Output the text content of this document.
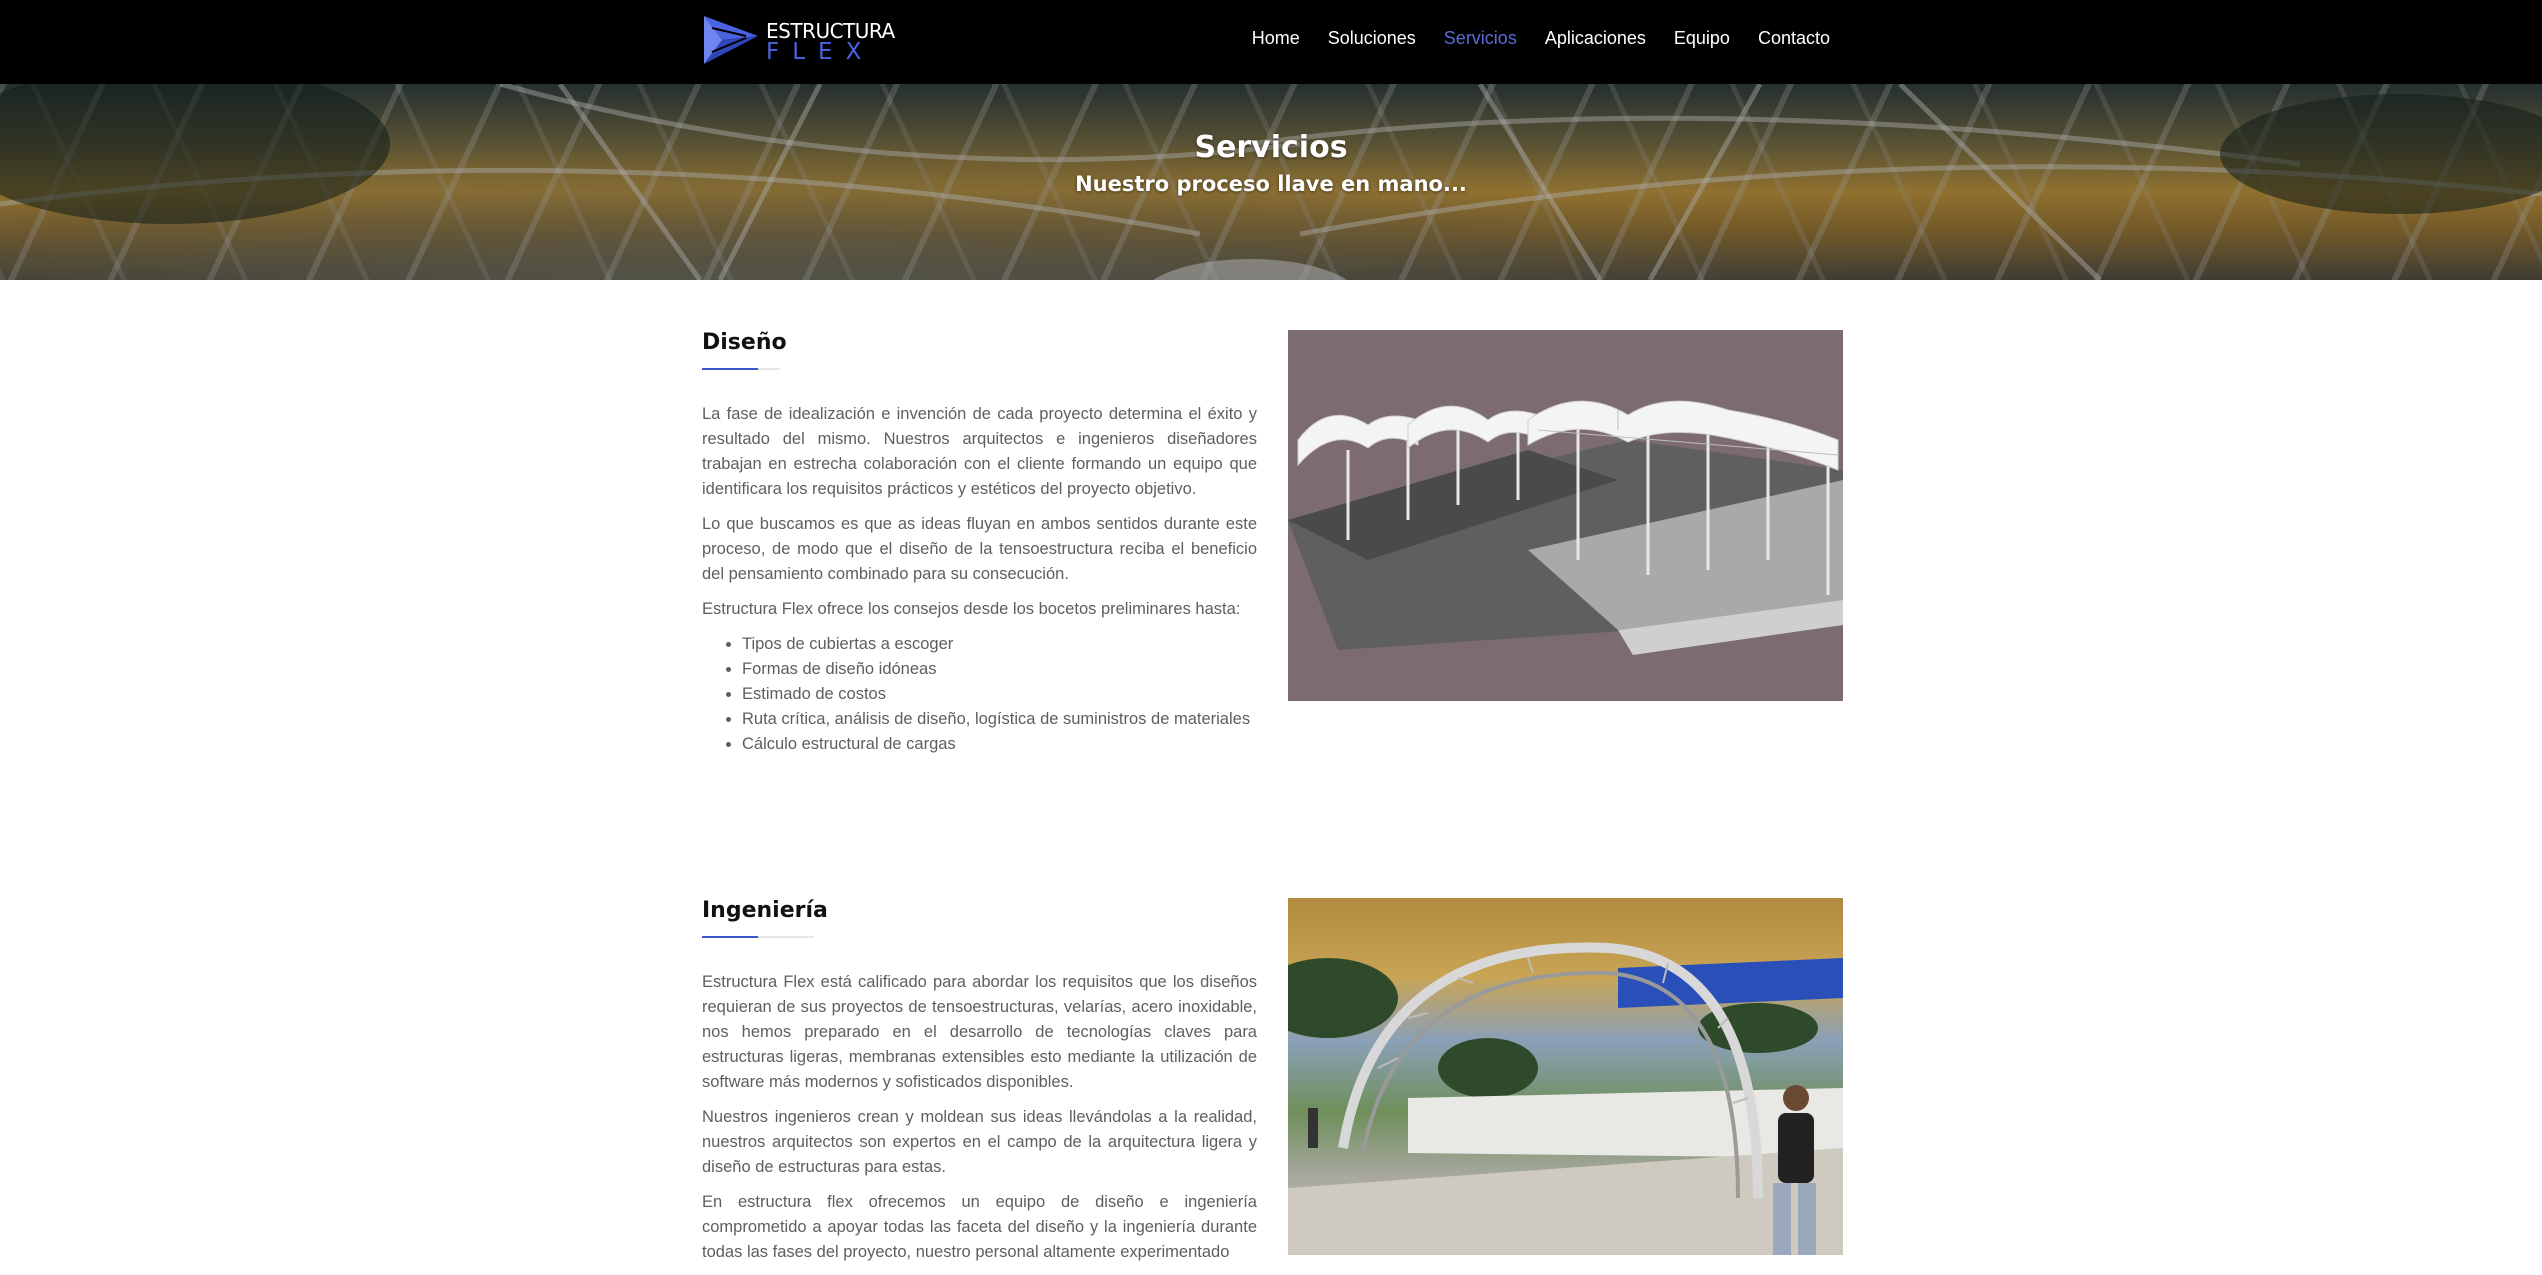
ESTRUCTURA
FLEX
Home Soluciones Servicios Aplicaciones Equipo Contacto
Servicios
Nuestro proceso llave en mano...
Diseño

La fase de idealización e invención de cada proyecto determina el éxito y resultado del mismo. Nuestros arquitectos e ingenieros diseñadores trabajan en estrecha colaboración con el cliente formando un equipo que identificara los requisitos prácticos y estéticos del proyecto objetivo.

Lo que buscamos es que as ideas fluyan en ambos sentidos durante este proceso, de modo que el diseño de la tensoestructura reciba el beneficio del pensamiento combinado para su consecución.

Estructura Flex ofrece los consejos desde los bocetos preliminares hasta:

• Tipos de cubiertas a escoger
• Formas de diseño idóneas
• Estimado de costos
• Ruta crítica, análisis de diseño, logística de suministros de materiales
• Cálculo estructural de cargas
Ingeniería

Estructura Flex está calificado para abordar los requisitos que los diseños requieran de sus proyectos de tensoestructuras, velarías, acero inoxidable, nos hemos preparado en el desarrollo de tecnologías claves para estructuras ligeras, membranas extensibles esto mediante la utilización de software más modernos y sofisticados disponibles.

Nuestros ingenieros crean y moldean sus ideas llevándolas a la realidad, nuestros arquitectos son expertos en el campo de la arquitectura ligera y diseño de estructuras para estas.

En estructura flex ofrecemos un equipo de diseño e ingeniería comprometido a apoyar todas las faceta del diseño y la ingeniería durante todas las fases del proyecto, nuestro personal altamente experimentado
